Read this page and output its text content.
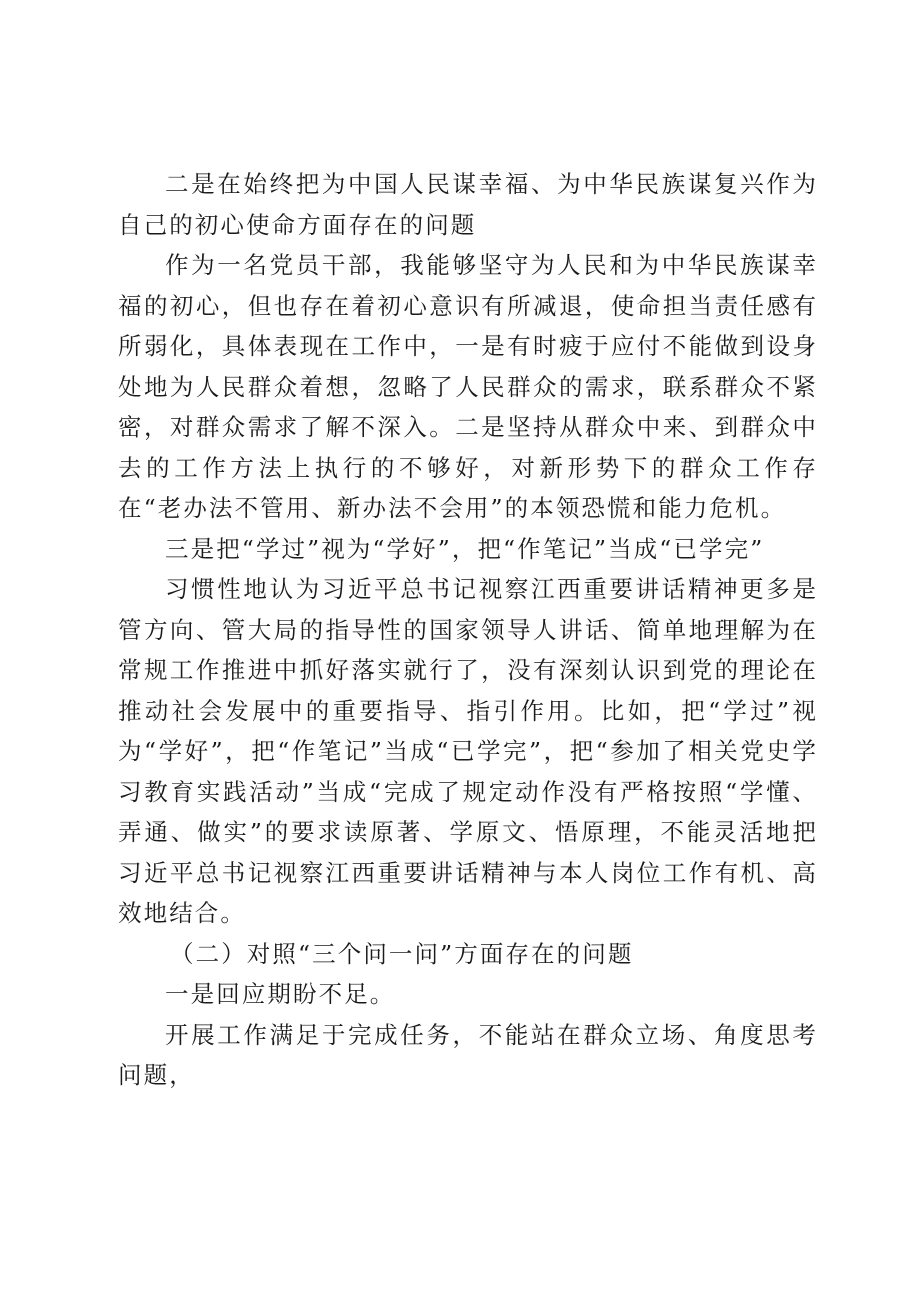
二是在始终把为中国人民谋幸福、为中华民族谋复兴作为自己的初心使命方面存在的问题

作为一名党员干部，我能够坚守为人民和为中华民族谋幸福的初心，但也存在着初心意识有所减退，使命担当责任感有所弱化，具体表现在工作中，一是有时疲于应付不能做到设身处地为人民群众着想，忽略了人民群众的需求，联系群众不紧密，对群众需求了解不深入。二是坚持从群众中来、到群众中去的工作方法上执行的不够好，对新形势下的群众工作存在“老办法不管用、新办法不会用”的本领恐慌和能力危机。

三是把“学过”视为“学好”，把“作笔记”当成“已学完”

习惯性地认为习近平总书记视察江西重要讲话精神更多是管方向、管大局的指导性的国家领导人讲话、简单地理解为在常规工作推进中抓好落实就行了，没有深刻认识到党的理论在推动社会发展中的重要指导、指引作用。比如，把“学过”视为“学好”，把“作笔记”当成“已学完”，把“参加了相关党史学习教育实践活动”当成“完成了规定动作没有严格按照“学懂、弄通、做实”的要求读原著、学原文、悟原理，不能灵活地把习近平总书记视察江西重要讲话精神与本人岗位工作有机、高效地结合。

（二）对照“三个问一问”方面存在的问题

一是回应期盼不足。

开展工作满足于完成任务，不能站在群众立场、角度思考问题，
